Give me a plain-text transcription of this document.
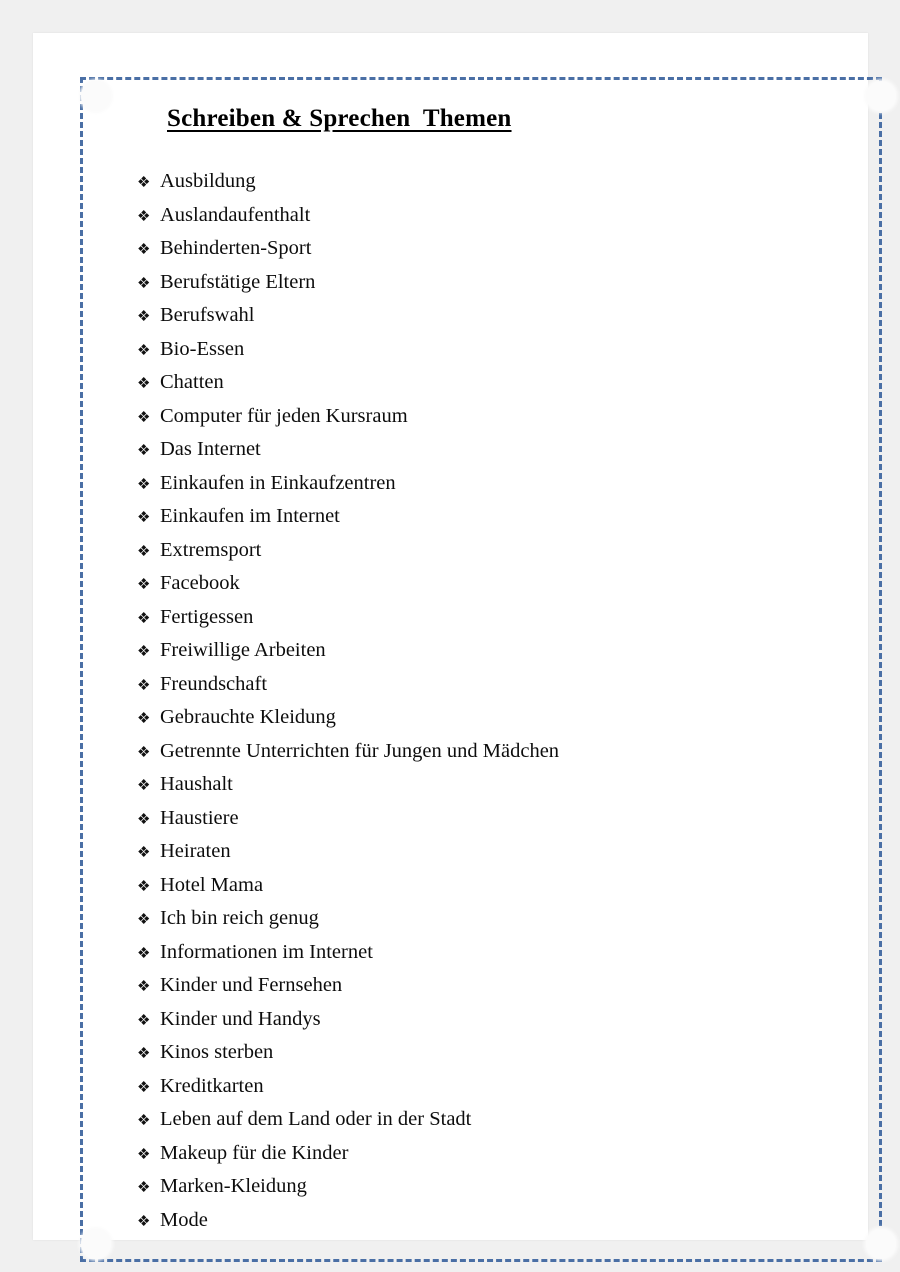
Schreiben & Sprechen  Themen
❖ Ausbildung
❖ Auslandaufenthalt
❖ Behinderten-Sport
❖ Berufstätige Eltern
❖ Berufswahl
❖ Bio-Essen
❖ Chatten
❖ Computer für jeden Kursraum
❖ Das Internet
❖ Einkaufen in Einkaufzentren
❖ Einkaufen im Internet
❖ Extremsport
❖ Facebook
❖ Fertigessen
❖ Freiwillige Arbeiten
❖ Freundschaft
❖ Gebrauchte Kleidung
❖ Getrennte Unterrichten für Jungen und Mädchen
❖ Haushalt
❖ Haustiere
❖ Heiraten
❖ Hotel Mama
❖ Ich bin reich genug
❖ Informationen im Internet
❖ Kinder und Fernsehen
❖ Kinder und Handys
❖ Kinos sterben
❖ Kreditkarten
❖ Leben auf dem Land oder in der Stadt
❖ Makeup für die Kinder
❖ Marken-Kleidung
❖ Mode
